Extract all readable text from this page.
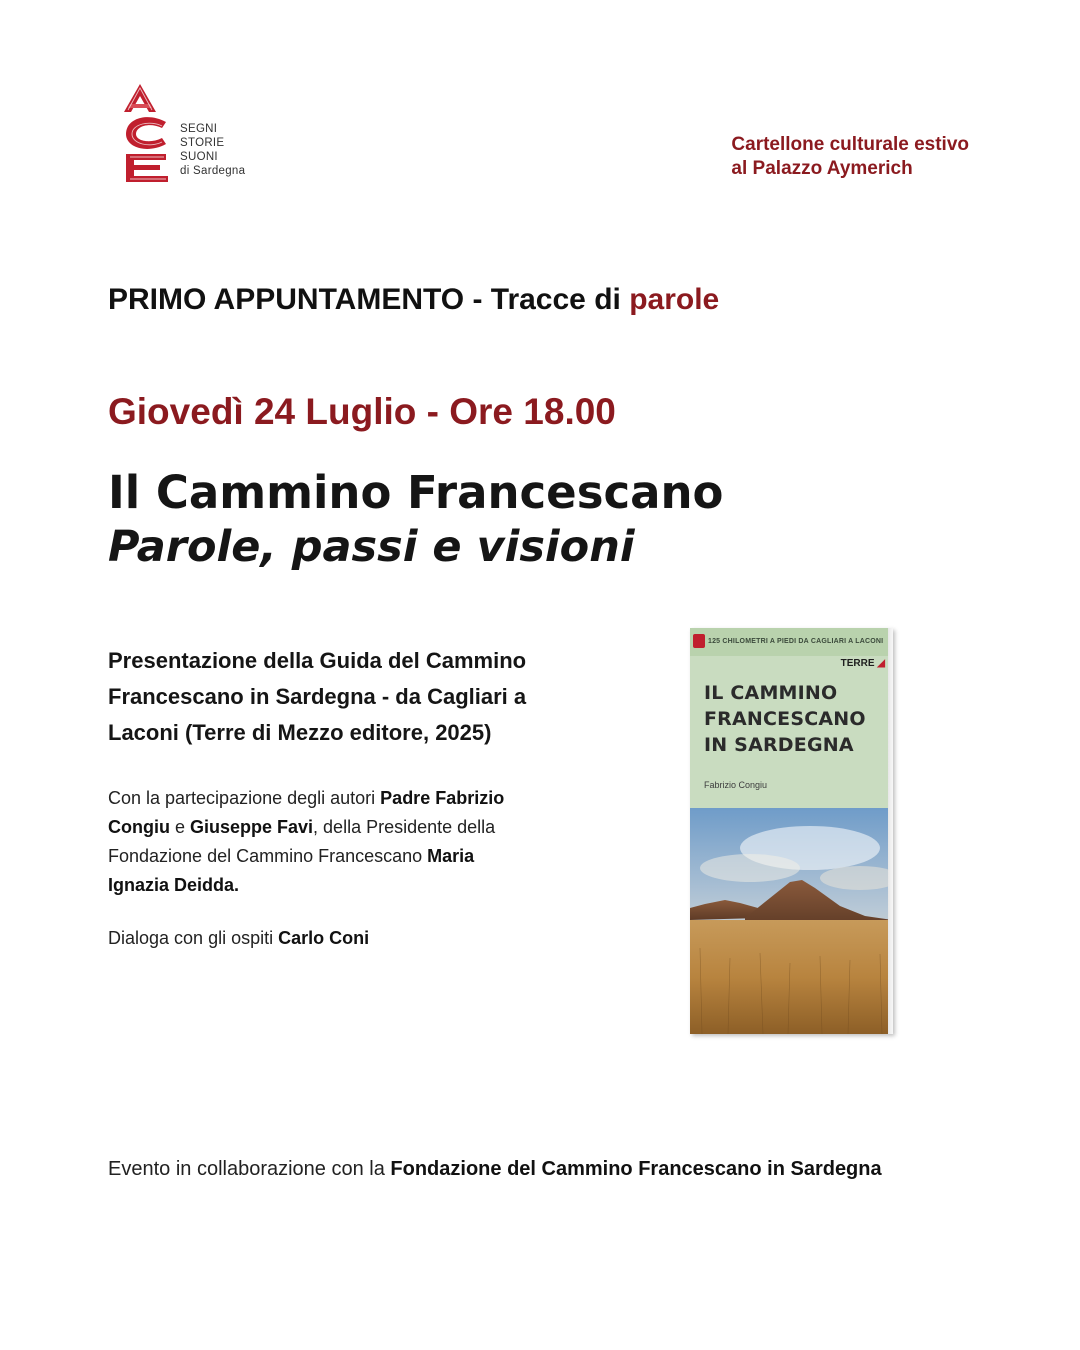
SEGNI
STORIE
SUONI
di Sardegna
Cartellone culturale estivo
al Palazzo Aymerich
PRIMO APPUNTAMENTO - Tracce di parole
Giovedì 24 Luglio - Ore 18.00
Il Cammino Francescano
Parole, passi e visioni
Presentazione della Guida del Cammino
Francescano in Sardegna - da Cagliari a
Laconi (Terre di Mezzo editore, 2025)
Con la partecipazione degli autori Padre Fabrizio
Congiu e Giuseppe Favi, della Presidente della
Fondazione del Cammino Francescano Maria
Ignazia Deidda.
Dialoga con gli ospiti Carlo Coni
125 CHILOMETRI A PIEDI DA CAGLIARI A LACONI
TERRE ◢
IL CAMMINO
FRANCESCANO
IN SARDEGNA
Fabrizio Congiu
Evento in collaborazione con la Fondazione del Cammino Francescano in Sardegna
